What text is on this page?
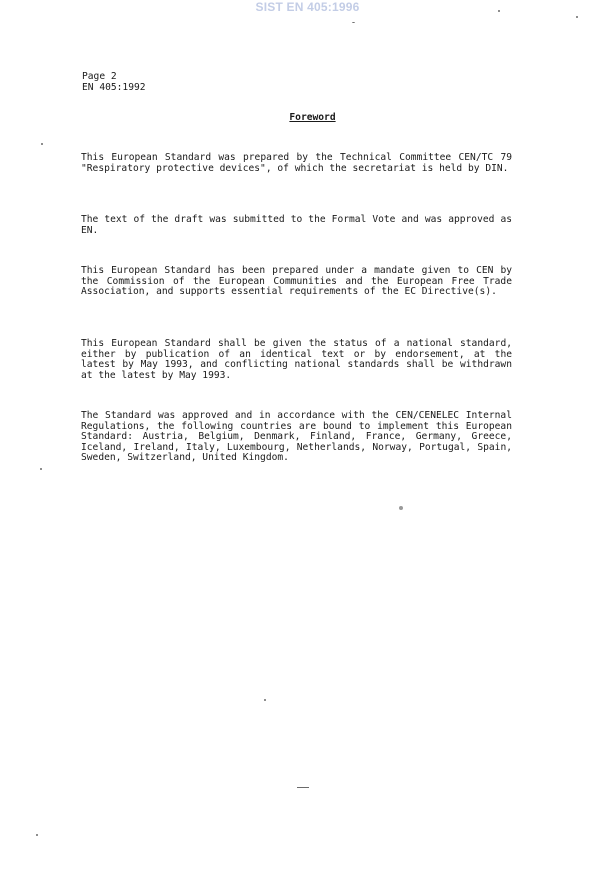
SIST EN 405:1996
Page 2
EN 405:1992
Foreword

This European Standard was prepared by the Technical Committee CEN/TC 79 "Respiratory protective devices", of which the secretariat is held by DIN.

The text of the draft was submitted to the Formal Vote and was approved as EN.

This European Standard has been prepared under a mandate given to CEN by the Commission of the European Communities and the European Free Trade Association, and supports essential requirements of the EC Directive(s).

This European Standard shall be given the status of a national standard, either by publication of an identical text or by endorsement, at the latest by May 1993, and conflicting national standards shall be withdrawn at the latest by May 1993.

The Standard was approved and in accordance with the CEN/CENELEC Internal Regulations, the following countries are bound to implement this European Standard: Austria, Belgium, Denmark, Finland, France, Germany, Greece, Iceland, Ireland, Italy, Luxembourg, Netherlands, Norway, Portugal, Spain, Sweden, Switzerland, United Kingdom.
